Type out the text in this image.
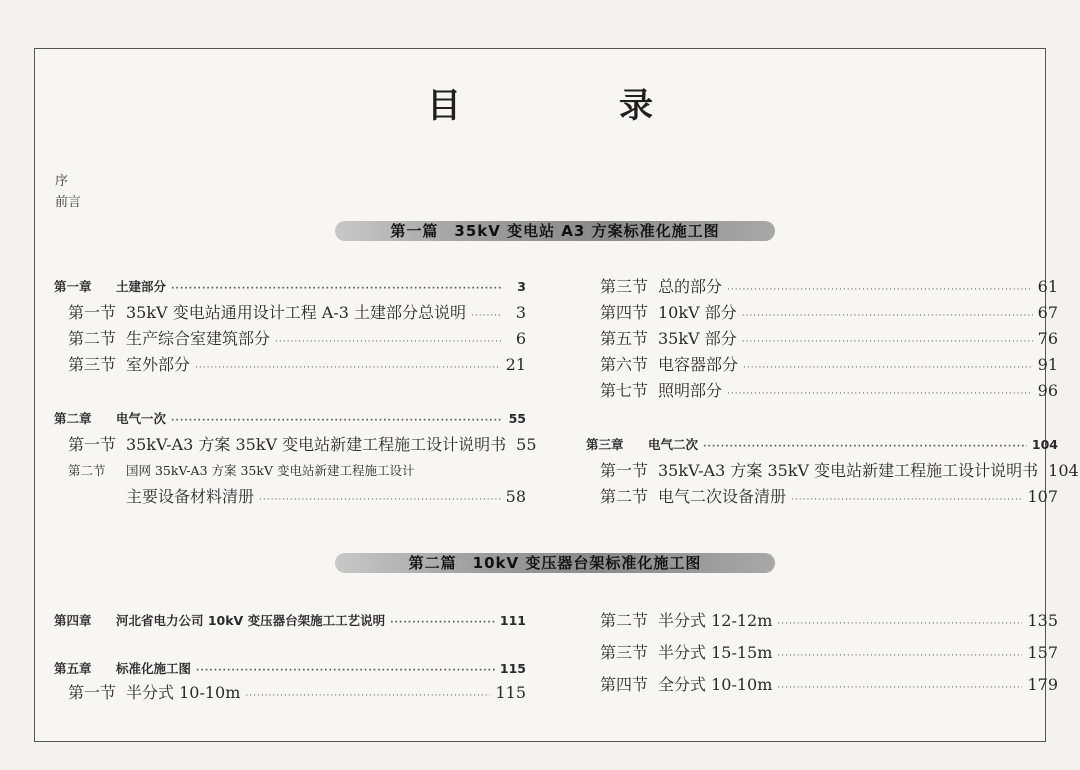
目　录
序
前言
第一篇　35kV 变电站 A3 方案标准化施工图
第二篇　10kV 变压器台架标准化施工图
第一章 土建部分 ·····	3
第一节 35kV 变电站通用设计工程 A-3 土建部分总说明 ·····	3
第二节 生产综合室建筑部分 ·····	6
第三节 室外部分 ·····	21
第二章 电气一次 ·····	55
第一节 35kV-A3 方案 35kV 变电站新建工程施工设计说明书 55
第二节 国网 35kV-A3 方案 35kV 变电站新建工程施工设计
主要设备材料清册 ·····	58
第三节 总的部分 ·····	61
第四节 10kV 部分 ·····	67
第五节 35kV 部分 ·····	76
第六节 电容器部分 ·····	91
第七节 照明部分 ·····	96
第三章 电气二次 ·····	104
第一节 35kV-A3 方案 35kV 变电站新建工程施工设计说明书 104
第二节 电气二次设备清册 ·····	107
第四章 河北省电力公司 10kV 变压器台架施工工艺说明 ·····	111
第五章 标准化施工图 ·····	115
第一节 半分式 10-10m ·····	115
第二节 半分式 12-12m ·····	135
第三节 半分式 15-15m ·····	157
第四节 全分式 10-10m ·····	179
